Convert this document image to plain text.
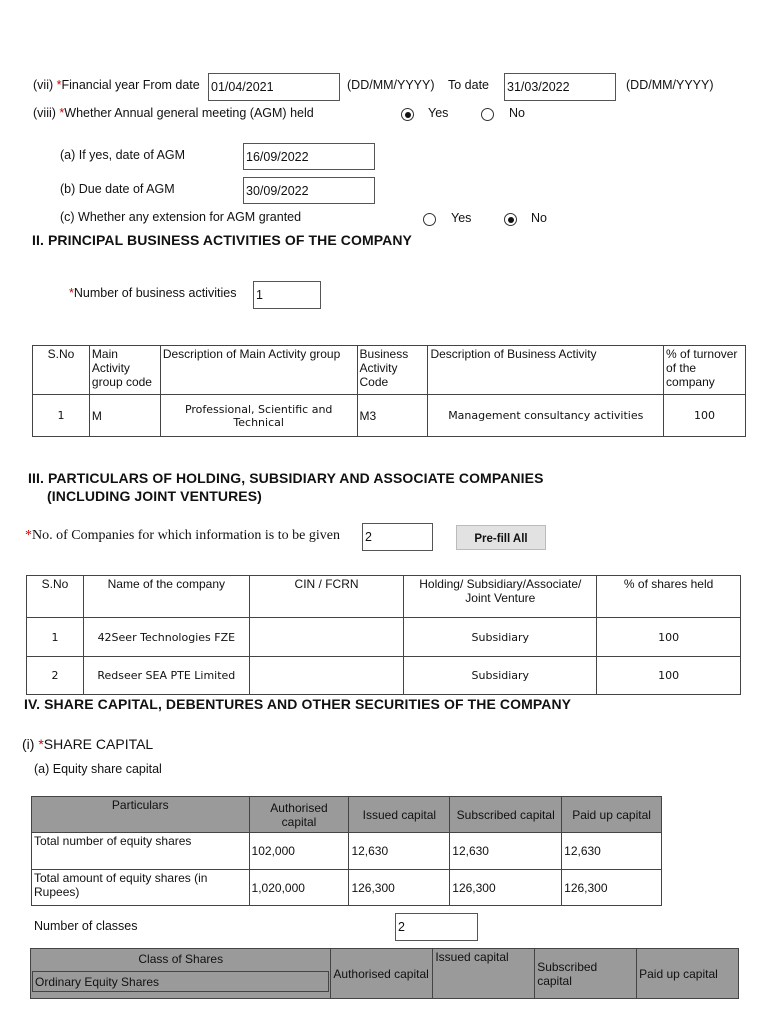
(vii) *Financial year From date 01/04/2021	(DD/MM/YYYY) To date 31/03/2022	(DD/MM/YYYY)
(viii) *Whether Annual general meeting (AGM) held	Yes	No
(a) If yes, date of AGM	16/09/2022
(b) Due date of AGM	30/09/2022
(c) Whether any extension for AGM granted	Yes	No
II. PRINCIPAL BUSINESS ACTIVITIES OF THE COMPANY
*Number of business activities 1
S.No	Main Activity group code	Description of Main Activity group	Business Activity Code	Description of Business Activity	% of turnover of the company
1	M	Professional, Scientific and Technical	M3	Management consultancy activities	100
III. PARTICULARS OF HOLDING, SUBSIDIARY AND ASSOCIATE COMPANIES
(INCLUDING JOINT VENTURES)
*No. of Companies for which information is to be given 2	Pre-fill All
S.No	Name of the company	CIN / FCRN	Holding/ Subsidiary/Associate/ Joint Venture	% of shares held
1	42Seer Technologies FZE		Subsidiary	100
2	Redseer SEA PTE Limited		Subsidiary	100
IV. SHARE CAPITAL, DEBENTURES AND OTHER SECURITIES OF THE COMPANY
(i) *SHARE CAPITAL
(a) Equity share capital
Particulars	Authorised capital	Issued capital	Subscribed capital	Paid up capital
Total number of equity shares	102,000	12,630	12,630	12,630
Total amount of equity shares (in Rupees)	1,020,000	126,300	126,300	126,300
Number of classes	2
Class of Shares
Ordinary Equity Shares
	Authorised capital	Issued capital	Subscribed capital	Paid up capital
